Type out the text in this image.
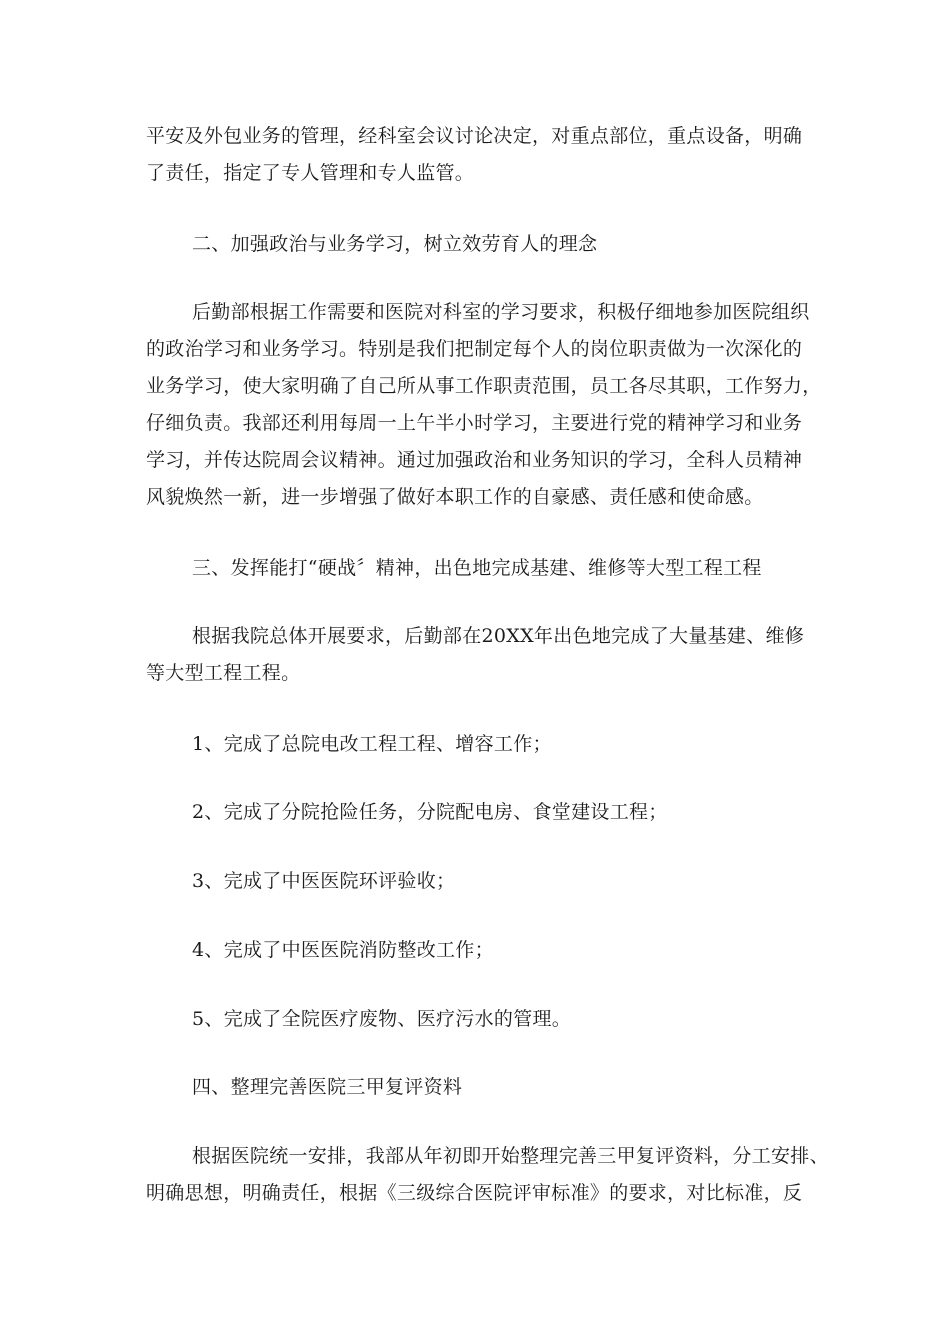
平安及外包业务的管理，经科室会议讨论决定，对重点部位，重点设备，明确
了责任，指定了专人管理和专人监管。
二、加强政治与业务学习，树立效劳育人的理念
后勤部根据工作需要和医院对科室的学习要求，积极仔细地参加医院组织
的政治学习和业务学习。特别是我们把制定每个人的岗位职责做为一次深化的
业务学习，使大家明确了自己所从事工作职责范围，员工各尽其职，工作努力，
仔细负责。我部还利用每周一上午半小时学习，主要进行党的精神学习和业务
学习，并传达院周会议精神。通过加强政治和业务知识的学习，全科人员精神
风貌焕然一新，进一步增强了做好本职工作的自豪感、责任感和使命感。
三、发挥能打“硬战〞精神，出色地完成基建、维修等大型工程工程
根据我院总体开展要求，后勤部在20XX年出色地完成了大量基建、维修
等大型工程工程。
1、完成了总院电改工程工程、增容工作；
2、完成了分院抢险任务，分院配电房、食堂建设工程；
3、完成了中医医院环评验收；
4、完成了中医医院消防整改工作；
5、完成了全院医疗废物、医疗污水的管理。
四、整理完善医院三甲复评资料
根据医院统一安排，我部从年初即开始整理完善三甲复评资料，分工安排、
明确思想，明确责任，根据《三级综合医院评审标准》的要求，对比标准，反
